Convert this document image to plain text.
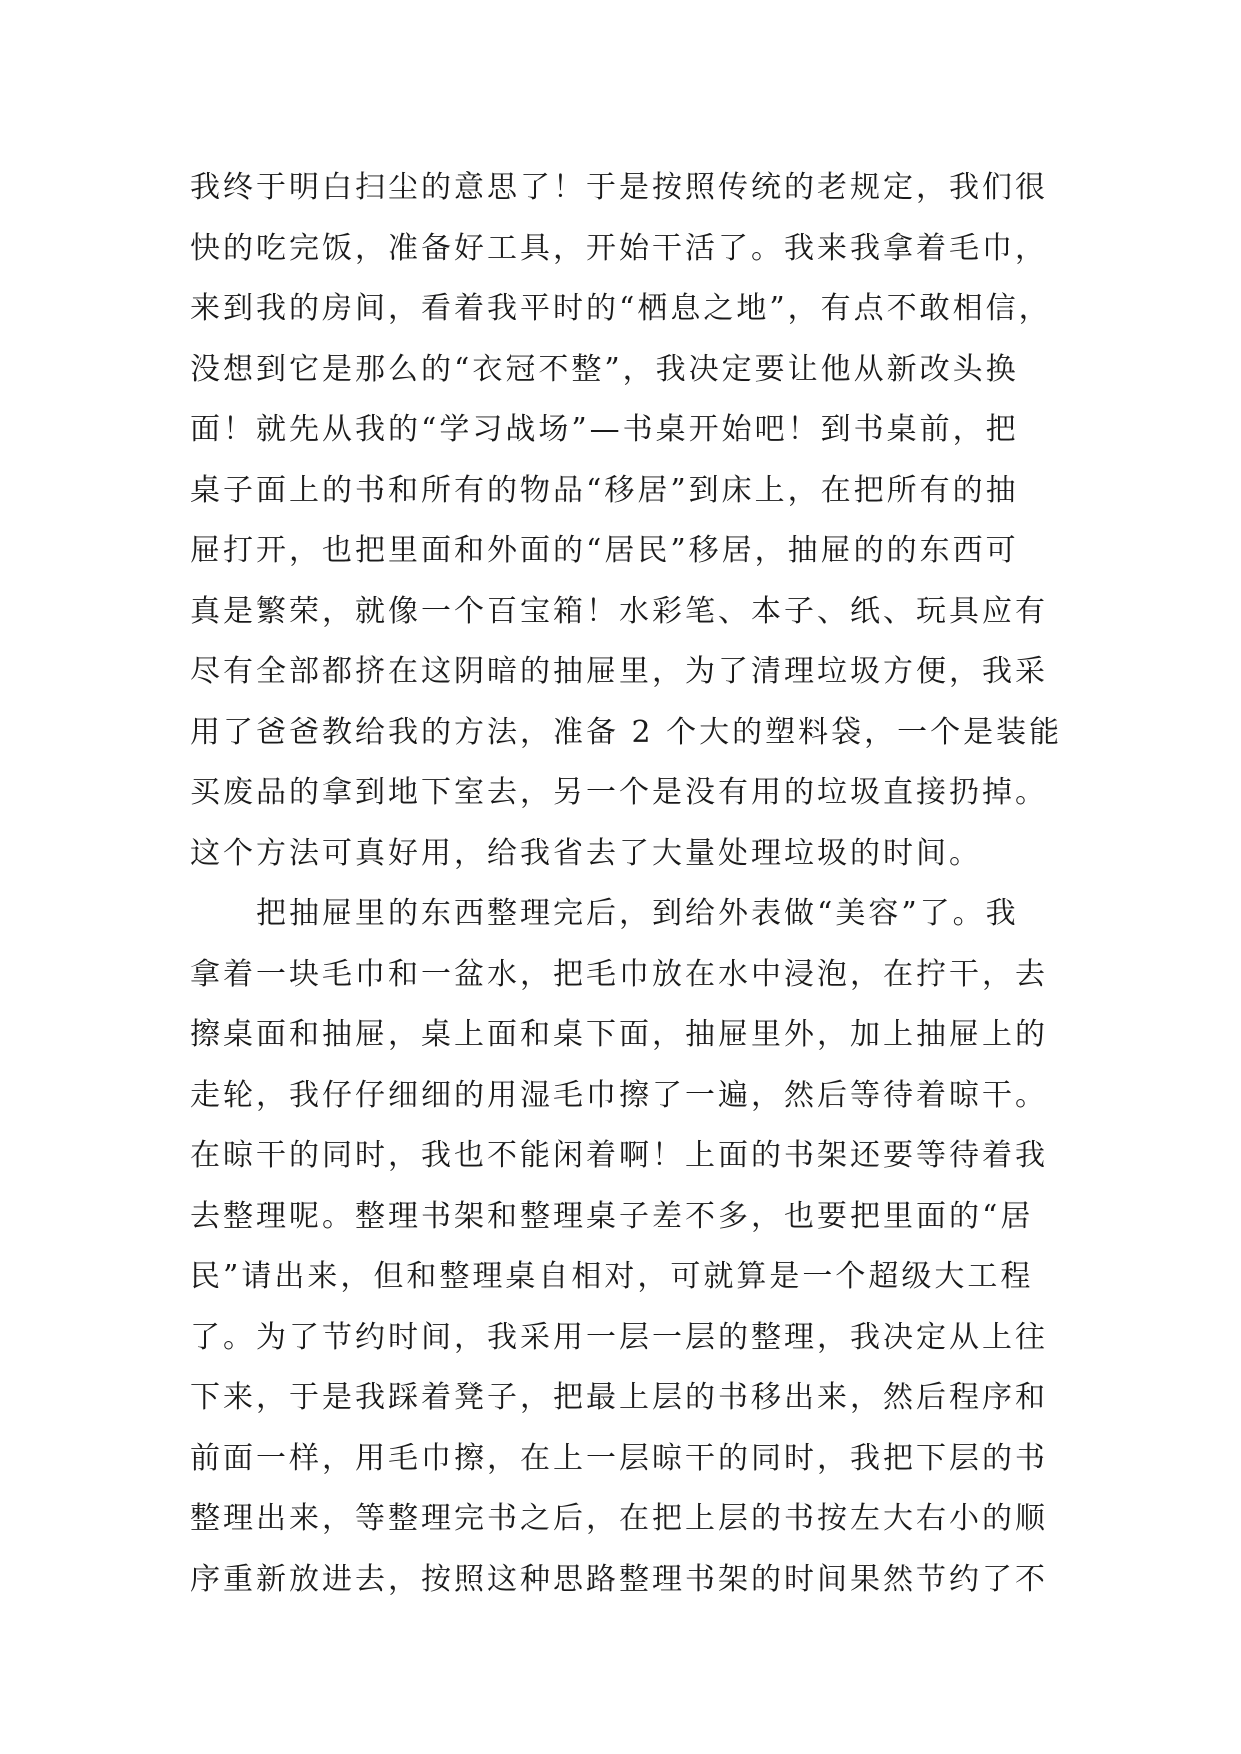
我终于明白扫尘的意思了！于是按照传统的老规定，我们很
快的吃完饭，准备好工具，开始干活了。我来我拿着毛巾，
来到我的房间，看着我平时的“栖息之地”，有点不敢相信，
没想到它是那么的“衣冠不整”，我决定要让他从新改头换
面！就先从我的“学习战场”—书桌开始吧！到书桌前，把
桌子面上的书和所有的物品“移居”到床上，在把所有的抽
屉打开，也把里面和外面的“居民”移居，抽屉的的东西可
真是繁荣，就像一个百宝箱！水彩笔、本子、纸、玩具应有
尽有全部都挤在这阴暗的抽屉里，为了清理垃圾方便，我采
用了爸爸教给我的方法，准备 2 个大的塑料袋，一个是装能
买废品的拿到地下室去，另一个是没有用的垃圾直接扔掉。
这个方法可真好用，给我省去了大量处理垃圾的时间。
　　把抽屉里的东西整理完后，到给外表做“美容”了。我
拿着一块毛巾和一盆水，把毛巾放在水中浸泡，在拧干，去
擦桌面和抽屉，桌上面和桌下面，抽屉里外，加上抽屉上的
走轮，我仔仔细细的用湿毛巾擦了一遍，然后等待着晾干。
在晾干的同时，我也不能闲着啊！上面的书架还要等待着我
去整理呢。整理书架和整理桌子差不多，也要把里面的“居
民”请出来，但和整理桌自相对，可就算是一个超级大工程
了。为了节约时间，我采用一层一层的整理，我决定从上往
下来，于是我踩着凳子，把最上层的书移出来，然后程序和
前面一样，用毛巾擦，在上一层晾干的同时，我把下层的书
整理出来，等整理完书之后，在把上层的书按左大右小的顺
序重新放进去，按照这种思路整理书架的时间果然节约了不
